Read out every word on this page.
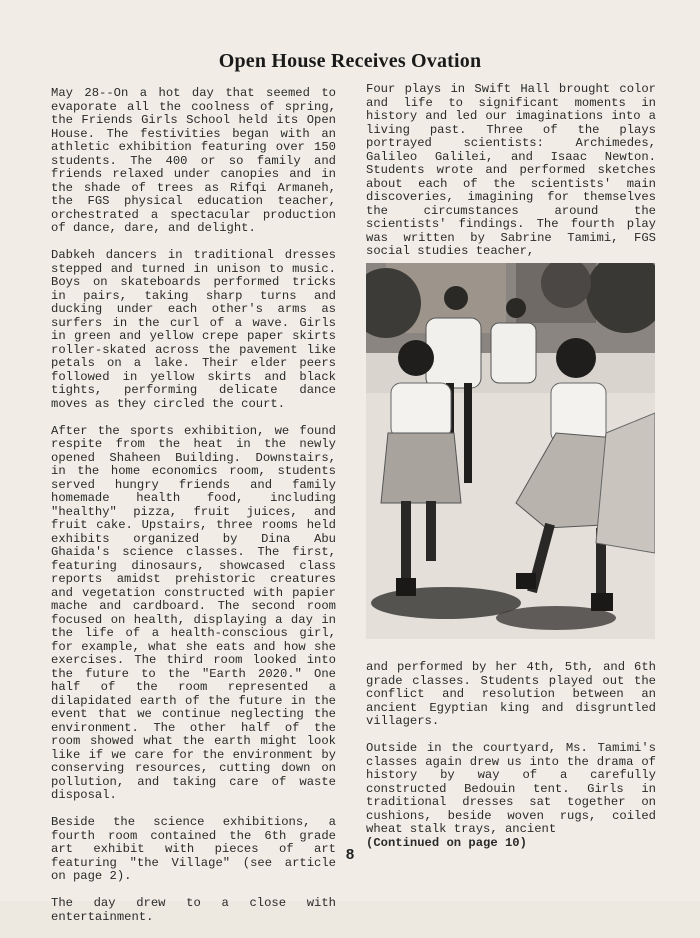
Open House Receives Ovation

May 28--On a hot day that seemed to evaporate all the coolness of spring, the Friends Girls School held its Open House. The festivities began with an athletic exhibition featuring over 150 students. The 400 or so family and friends relaxed under canopies and in the shade of trees as Rifqi Armaneh, the FGS physical education teacher, orchestrated a spectacular production of dance, dare, and delight.

Dabkeh dancers in traditional dresses stepped and turned in unison to music. Boys on skateboards performed tricks in pairs, taking sharp turns and ducking under each other's arms as surfers in the curl of a wave. Girls in green and yellow crepe paper skirts roller-skated across the pavement like petals on a lake. Their elder peers followed in yellow skirts and black tights, performing delicate dance moves as they circled the court.

After the sports exhibition, we found respite from the heat in the newly opened Shaheen Building. Downstairs, in the home economics room, students served hungry friends and family homemade health food, including "healthy" pizza, fruit juices, and fruit cake. Upstairs, three rooms held exhibits organized by Dina Abu Ghaida's science classes. The first, featuring dinosaurs, showcased class reports amidst prehistoric creatures and vegetation constructed with papier mache and cardboard. The second room focused on health, displaying a day in the life of a health-conscious girl, for example, what she eats and how she exercises. The third room looked into the future to the "Earth 2020." One half of the room represented a dilapidated earth of the future in the event that we continue neglecting the environment. The other half of the room showed what the earth might look like if we care for the environment by conserving resources, cutting down on pollution, and taking care of waste disposal.

Beside the science exhibitions, a fourth room contained the 6th grade art exhibit with pieces of art featuring "the Village" (see article on page 2).

The day drew to a close with entertainment.

Four plays in Swift Hall brought color and life to significant moments in history and led our imaginations into a living past. Three of the plays portrayed scientists: Archimedes, Galileo Galilei, and Isaac Newton. Students wrote and performed sketches about each of the scientists' main discoveries, imagining for themselves the circumstances around the scientists' findings. The fourth play was written by Sabrine Tamimi, FGS social studies teacher,

and performed by her 4th, 5th, and 6th grade classes. Students played out the conflict and resolution between an ancient Egyptian king and disgruntled villagers.

Outside in the courtyard, Ms. Tamimi's classes again drew us into the drama of history by way of a carefully constructed Bedouin tent. Girls in traditional dresses sat together on cushions, beside woven rugs, coiled wheat stalk trays, ancient

(Continued on page 10)
8
